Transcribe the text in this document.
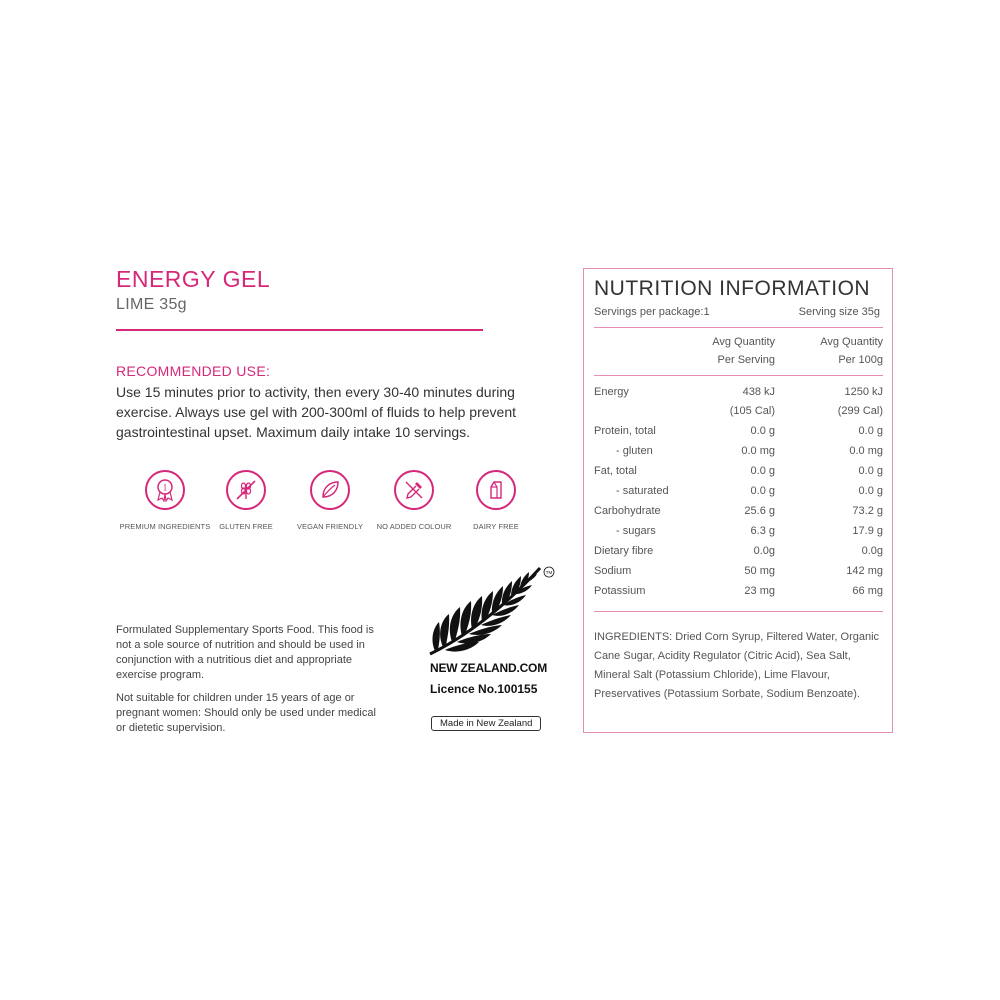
ENERGY GEL
LIME 35g
RECOMMENDED USE:
Use 15 minutes prior to activity, then every 30-40 minutes during exercise. Always use gel with 200-300ml of fluids to help prevent gastrointestinal upset. Maximum daily intake 10 servings.
1
PREMIUM INGREDIENTS	GLUTEN FREE	VEGAN FRIENDLY	NO ADDED COLOUR	DAIRY FREE

Formulated Supplementary Sports Food. This food is not a sole source of nutrition and should be used in conjunction with a nutritious diet and appropriate exercise program.

Not suitable for children under 15 years of age or pregnant women: Should only be used under medical or dietetic supervision.

TM
NEW ZEALAND.COM
Licence No.100155
Made in New Zealand
NUTRITION INFORMATION
Servings per package:1	Serving size 35g
Avg Quantity
Per Serving
Avg Quantity
Per 100g
Energy	438 kJ	1250 kJ
(105 Cal)	(299 Cal)
Protein, total	0.0 g	0.0 g
- gluten	0.0 mg	0.0 mg
Fat, total	0.0 g	0.0 g
- saturated	0.0 g	0.0 g
Carbohydrate	25.6 g	73.2 g
- sugars	6.3 g	17.9 g
Dietary fibre	0.0g	0.0g
Sodium	50 mg	142 mg
Potassium	23 mg	66 mg
INGREDIENTS: Dried Corn Syrup, Filtered Water, Organic Cane Sugar, Acidity Regulator (Citric Acid), Sea Salt, Mineral Salt (Potassium Chloride), Lime Flavour, Preservatives (Potassium Sorbate, Sodium Benzoate).
